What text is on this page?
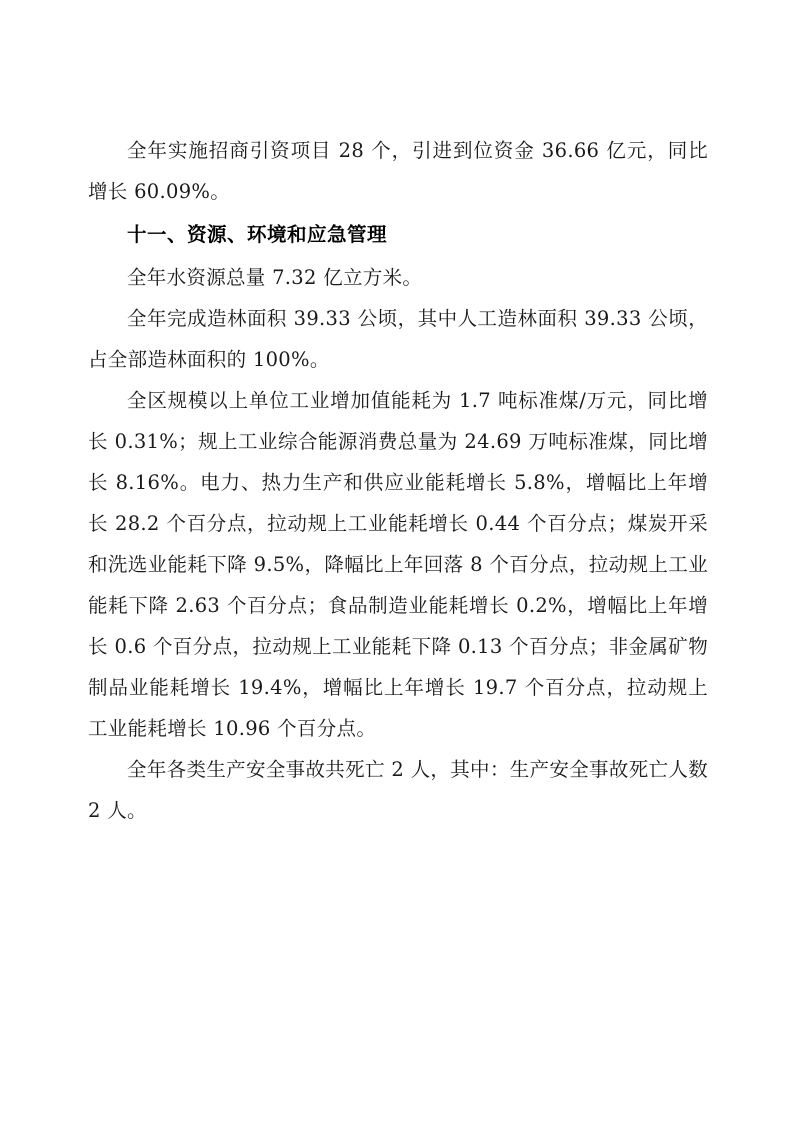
全年实施招商引资项目 28 个，引进到位资金 36.66 亿元，同比增长 60.09%。

十一、资源、环境和应急管理

全年水资源总量 7.32 亿立方米。

全年完成造林面积 39.33 公顷，其中人工造林面积 39.33 公顷，占全部造林面积的 100%。

全区规模以上单位工业增加值能耗为 1.7 吨标准煤/万元，同比增长 0.31%；规上工业综合能源消费总量为 24.69 万吨标准煤，同比增长 8.16%。电力、热力生产和供应业能耗增长 5.8%，增幅比上年增长 28.2 个百分点，拉动规上工业能耗增长 0.44 个百分点；煤炭开采和洗选业能耗下降 9.5%，降幅比上年回落 8 个百分点，拉动规上工业能耗下降 2.63 个百分点；食品制造业能耗增长 0.2%，增幅比上年增长 0.6 个百分点，拉动规上工业能耗下降 0.13 个百分点；非金属矿物制品业能耗增长 19.4%，增幅比上年增长 19.7 个百分点，拉动规上工业能耗增长 10.96 个百分点。

全年各类生产安全事故共死亡 2 人，其中：生产安全事故死亡人数 2 人。
